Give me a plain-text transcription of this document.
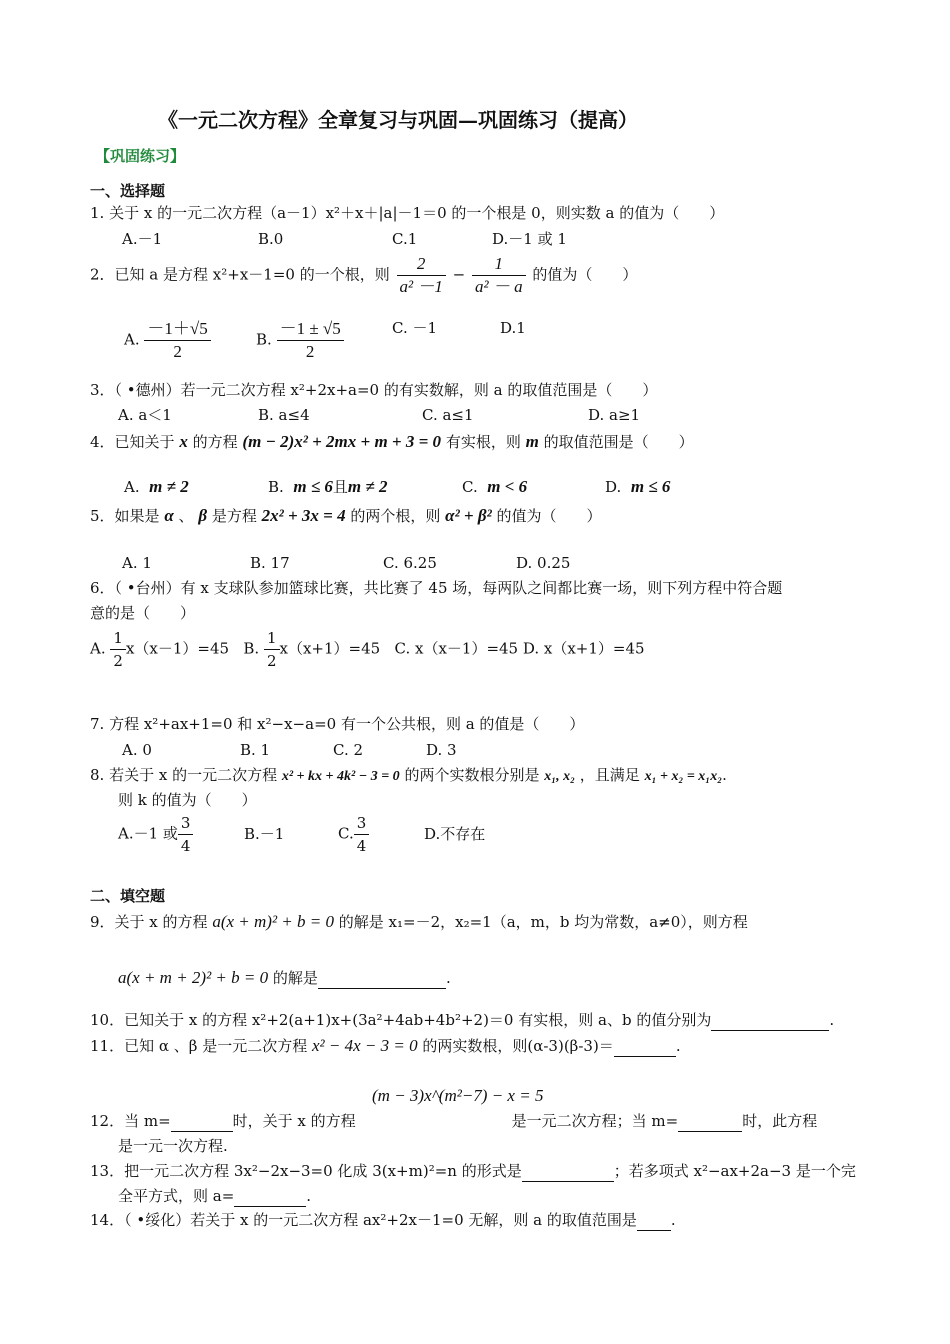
《一元二次方程》全章复习与巩固—巩固练习（提高）
【巩固练习】
一、选择题
1. 关于 x 的一元二次方程（a－1）x²＋x＋|a|－1＝0 的一个根是 0，则实数 a 的值为（　　）
A.－1	B.0	C.1	D.－1 或 1
2．已知 a 是方程 x²+x－1=0 的一个根，则 $\frac{2}{\text{a² －1}} - \frac{1}{\text{a² － a}}$ 的值为（　　）
A. $\frac{-1+√5}{2}$	B. $\frac{-1 \pm √5}{2}$	C. －1	D.1
3．（ •德州）若一元二次方程 x²+2x+a=0 的有实数解，则 a 的取值范围是（　　）
A. a＜1	B. a≤4	C. a≤1	D. a≥1
4．已知关于 x 的方程 (m − 2)x² + 2mx + m + 3 = 0 有实根，则 m 的取值范围是（　　）
A. m ≠ 2	B. m ≤ 6且m ≠ 2	C. m < 6	D. m ≤ 6
5．如果是 α 、 β 是方程 2x² + 3x = 4 的两个根，则 α² + β² 的值为（　　）
A. 1	B. 17	C. 6.25	D. 0.25
6．（ •台州）有 x 支球队参加篮球比赛，共比赛了 45 场，每两队之间都比赛一场，则下列方程中符合题
意的是（　　）
A. $\frac{1}{2} x(x-1)=45$ B. $\frac{1}{2} x(x+1)=45$ C. x（x－1）=45 D. x（x+1）=45
7. 方程 x²+ax+1=0 和 x²−x−a=0 有一个公共根，则 a 的值是（　　）
A. 0	B. 1	C. 2	D. 3
8. 若关于 x 的一元二次方程 x² + kx + 4k² − 3 = 0 的两个实数根分别是 x₁, x₂ ，且满足 x₁ + x₂ = x₁x₂.
则 k 的值为（　　）
A.－1 或 $\frac{3}{4}$	B.－1	C. $\frac{3}{4}$	D.不存在
二、填空题
9．关于 x 的方程 a(x + m)² + b = 0 的解是 x₁=－2，x₂=1（a，m，b 均为常数，a≠0），则方程
a(x + m + 2)² + b = 0 的解是	.
10．已知关于 x 的方程 x²+2(a+1)x+(3a²+4ab+4b²+2)＝0 有实根，则 a、b 的值分别为	.
11．已知 α 、β 是一元二次方程 x² − 4x − 3 = 0 的两实数根，则(α-3)(β-3)＝	.
(m − 3)x^(m²−7) − x = 5
12．当 m=	时，关于 x 的方程	是一元二次方程；当 m=	时，此方程
是一元一次方程.
13．把一元二次方程 3x²−2x−3=0 化成 3(x+m)²=n 的形式是	；若多项式 x²−ax+2a−3 是一个完
全平方式，则 a=	.
14．（ •绥化）若关于 x 的一元二次方程 ax²+2x－1=0 无解，则 a 的取值范围是 .
